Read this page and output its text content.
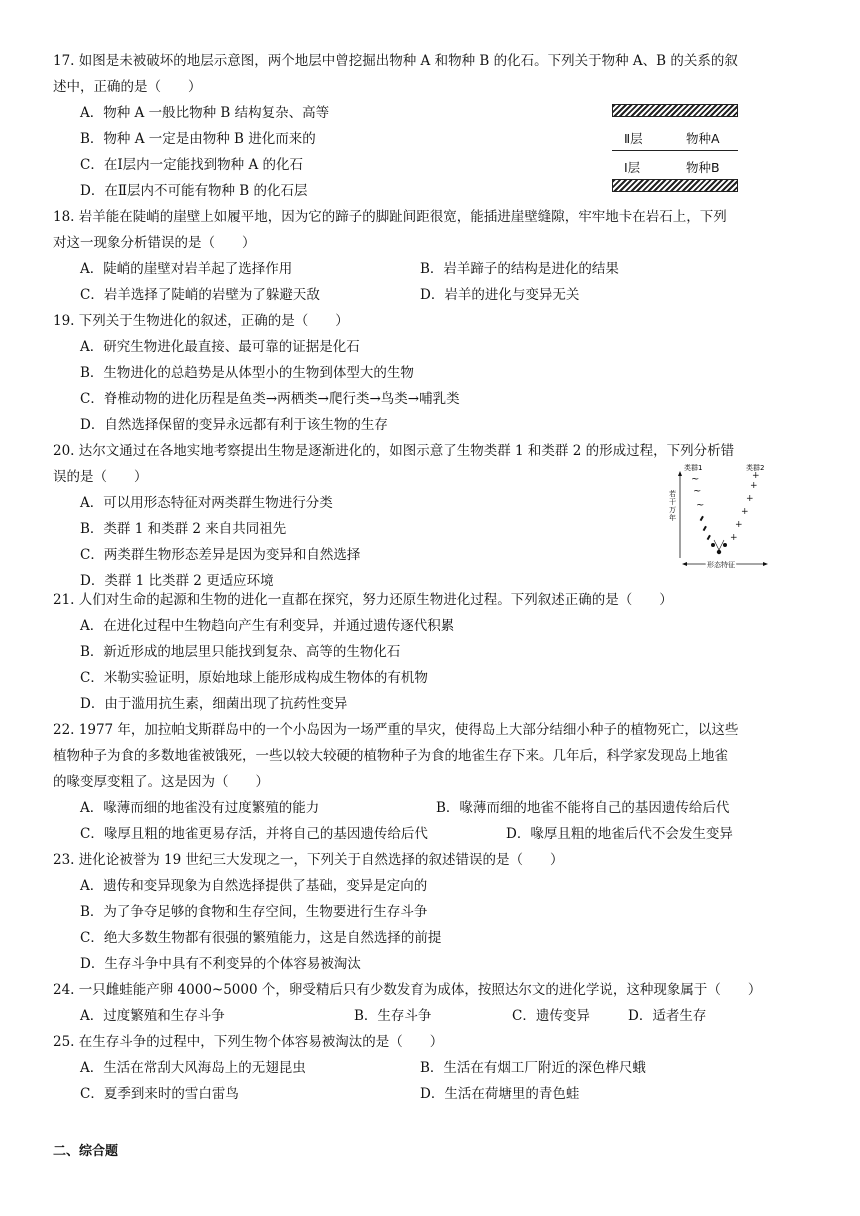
17. 如图是未被破坏的地层示意图，两个地层中曾挖掘出物种 A 和物种 B 的化石。下列关于物种 A、B 的关系的叙
述中，正确的是（　　）
A．物种 A 一般比物种 B 结构复杂、高等
B．物种 A 一定是由物种 B 进化而来的
C．在Ⅰ层内一定能找到物种 A 的化石
D．在Ⅱ层内不可能有物种 B 的化石层
Ⅱ层	物种A
Ⅰ层	物种B
18. 岩羊能在陡峭的崖壁上如履平地，因为它的蹄子的脚趾间距很宽，能插进崖壁缝隙，牢牢地卡在岩石上，下列
对这一现象分析错误的是（　　）
A．陡峭的崖壁对岩羊起了选择作用	B．岩羊蹄子的结构是进化的结果
C．岩羊选择了陡峭的岩壁为了躲避天敌	D．岩羊的进化与变异无关
19. 下列关于生物进化的叙述，正确的是（　　）
A．研究生物进化最直接、最可靠的证据是化石
B．生物进化的总趋势是从体型小的生物到体型大的生物
C．脊椎动物的进化历程是鱼类→两栖类→爬行类→鸟类→哺乳类
D．自然选择保留的变异永远都有利于该生物的生存
20. 达尔文通过在各地实地考察提出生物是逐渐进化的，如图示意了生物类群 1 和类群 2 的形成过程，下列分析错
误的是（　　）
A．可以用形态特征对两类群生物进行分类
B．类群 1 和类群 2 来自共同祖先
C．两类群生物形态差异是因为变异和自然选择
D．类群 1 比类群 2 更适应环境
类群1	类群2
若
干
万
年
形态特征
~
~
~
+
+
+
+
+
+
21. 人们对生命的起源和生物的进化一直都在探究，努力还原生物进化过程。下列叙述正确的是（　　）
A．在进化过程中生物趋向产生有利变异，并通过遗传逐代积累
B．新近形成的地层里只能找到复杂、高等的生物化石
C．米勒实验证明，原始地球上能形成构成生物体的有机物
D．由于滥用抗生素，细菌出现了抗药性变异
22. 1977 年，加拉帕戈斯群岛中的一个小岛因为一场严重的旱灾，使得岛上大部分结细小种子的植物死亡，以这些
植物种子为食的多数地雀被饿死，一些以较大较硬的植物种子为食的地雀生存下来。几年后，科学家发现岛上地雀
的喙变厚变粗了。这是因为（　　）
A．喙薄而细的地雀没有过度繁殖的能力	B．喙薄而细的地雀不能将自己的基因遗传给后代
C．喙厚且粗的地雀更易存活，并将自己的基因遗传给后代	D．喙厚且粗的地雀后代不会发生变异
23. 进化论被誉为 19 世纪三大发现之一，下列关于自然选择的叙述错误的是（　　）
A．遗传和变异现象为自然选择提供了基础，变异是定向的
B．为了争夺足够的食物和生存空间，生物要进行生存斗争
C．绝大多数生物都有很强的繁殖能力，这是自然选择的前提
D．生存斗争中具有不利变异的个体容易被淘汰
24. 一只雌蛙能产卵 4000~5000 个，卵受精后只有少数发育为成体，按照达尔文的进化学说，这种现象属于（　　）
A．过度繁殖和生存斗争	B．生存斗争	C．遗传变异	D．适者生存
25. 在生存斗争的过程中，下列生物个体容易被淘汰的是（　　）
A．生活在常刮大风海岛上的无翅昆虫	B．生活在有烟工厂附近的深色桦尺蛾
C．夏季到来时的雪白雷鸟	D．生活在荷塘里的青色蛙
二、综合题
